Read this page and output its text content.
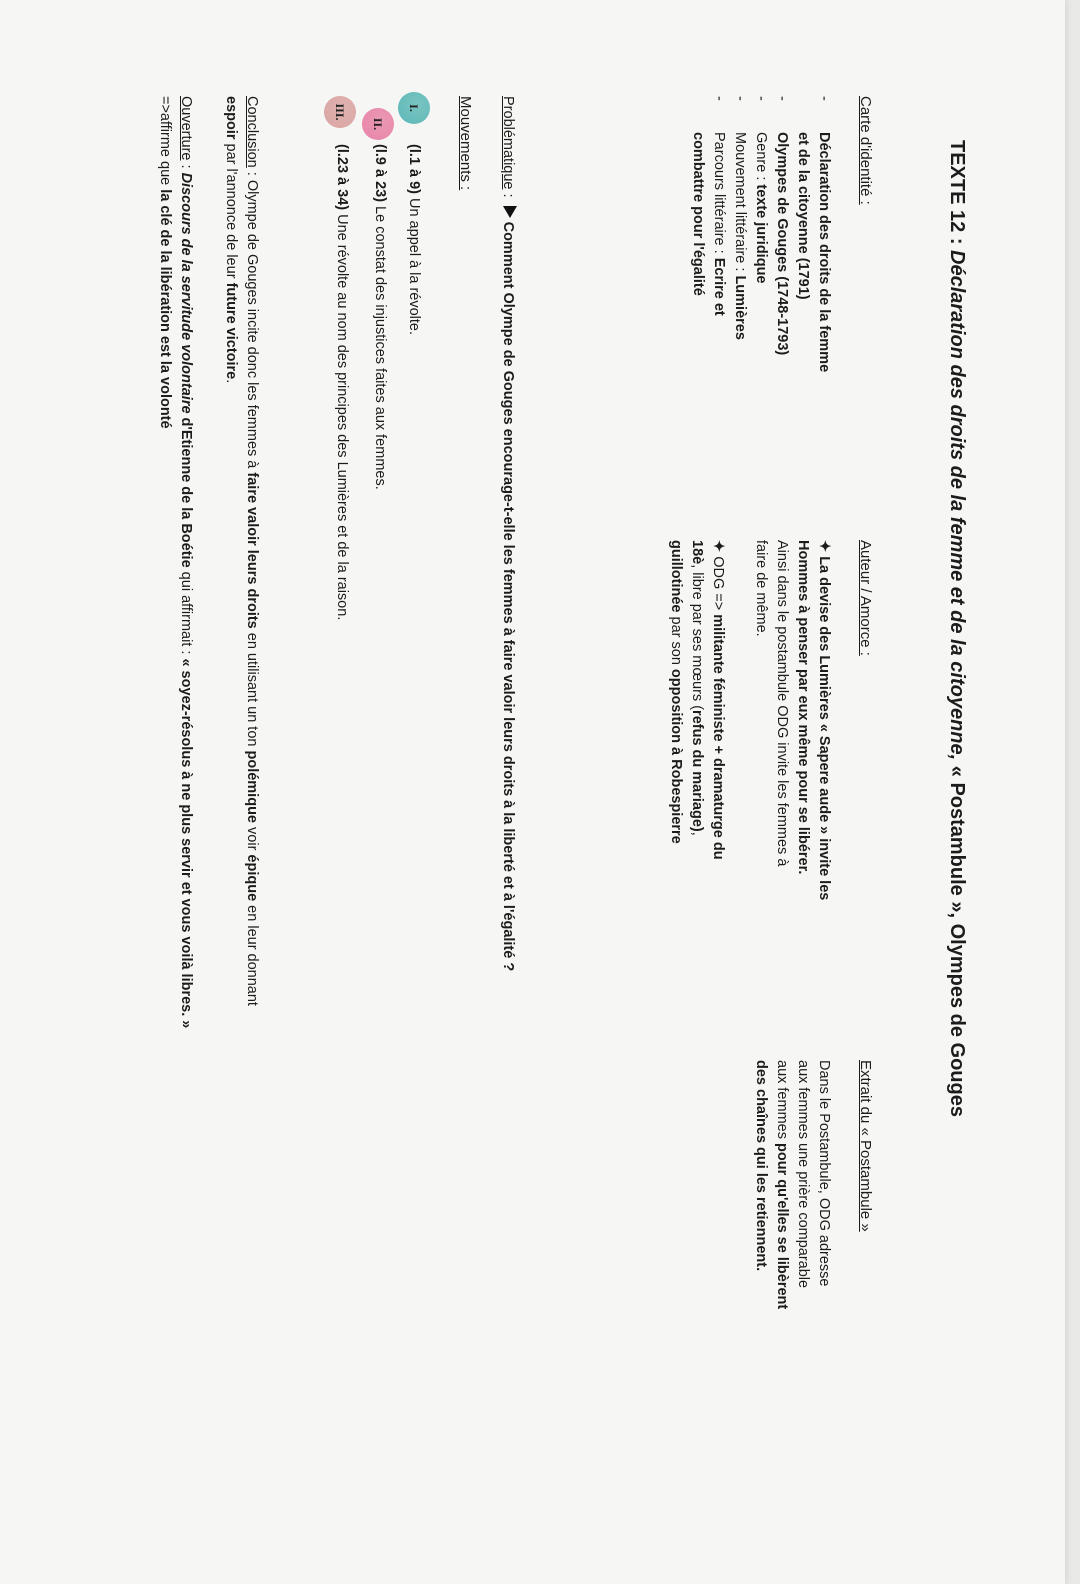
TEXTE 12 : Déclaration des droits de la femme et de la citoyenne, « Postambule », Olympes de Gouges
Carte d'identité :
- Déclaration des droits de la femme
et de la citoyenne (1791)
- Olympes de Gouges (1748-1793)
- Genre : texte juridique
- Mouvement littéraire : Lumières
- Parcours littéraire : Ecrire et
combattre pour l'égalité
Auteur / Amorce :
✦ La devise des Lumières « Sapere aude » invite les
Hommes à penser par eux même pour se libérer.
Ainsi dans le postambule ODG invite les femmes à
faire de même.
✦ ODG => militante féministe + dramaturge du
18è, libre par ses mœurs (refus du mariage),
guillotinée par son opposition à Robespierre
Extrait du « Postambule »
Dans le Postambule, ODG adresse
aux femmes une prière comparable
aux femmes pour qu'elles se libèrent
des chaînes qui les retiennent.
Problématique : Comment Olympe de Gouges encourage-t-elle les femmes à faire valoir leurs droits à la liberté et à l'égalité ?
Mouvements :
I.
(l.1 à 9) Un appel à la révolte.
II.
(l.9 à 23) Le constat des injustices faites aux femmes.
III.
(l.23 à 34) Une révolte au nom des principes des Lumières et de la raison.
Conclusion : Olympe de Gouges incite donc les femmes à faire valoir leurs droits en utilisant un ton polémique voir épique en leur donnant
espoir par l'annonce de leur future victoire.
Ouverture : Discours de la servitude volontaire d'Etienne de la Boétie qui affirmait : « soyez-résolus à ne plus servir et vous voilà libres. »
=>affirme que la clé de la libération est la volonté
